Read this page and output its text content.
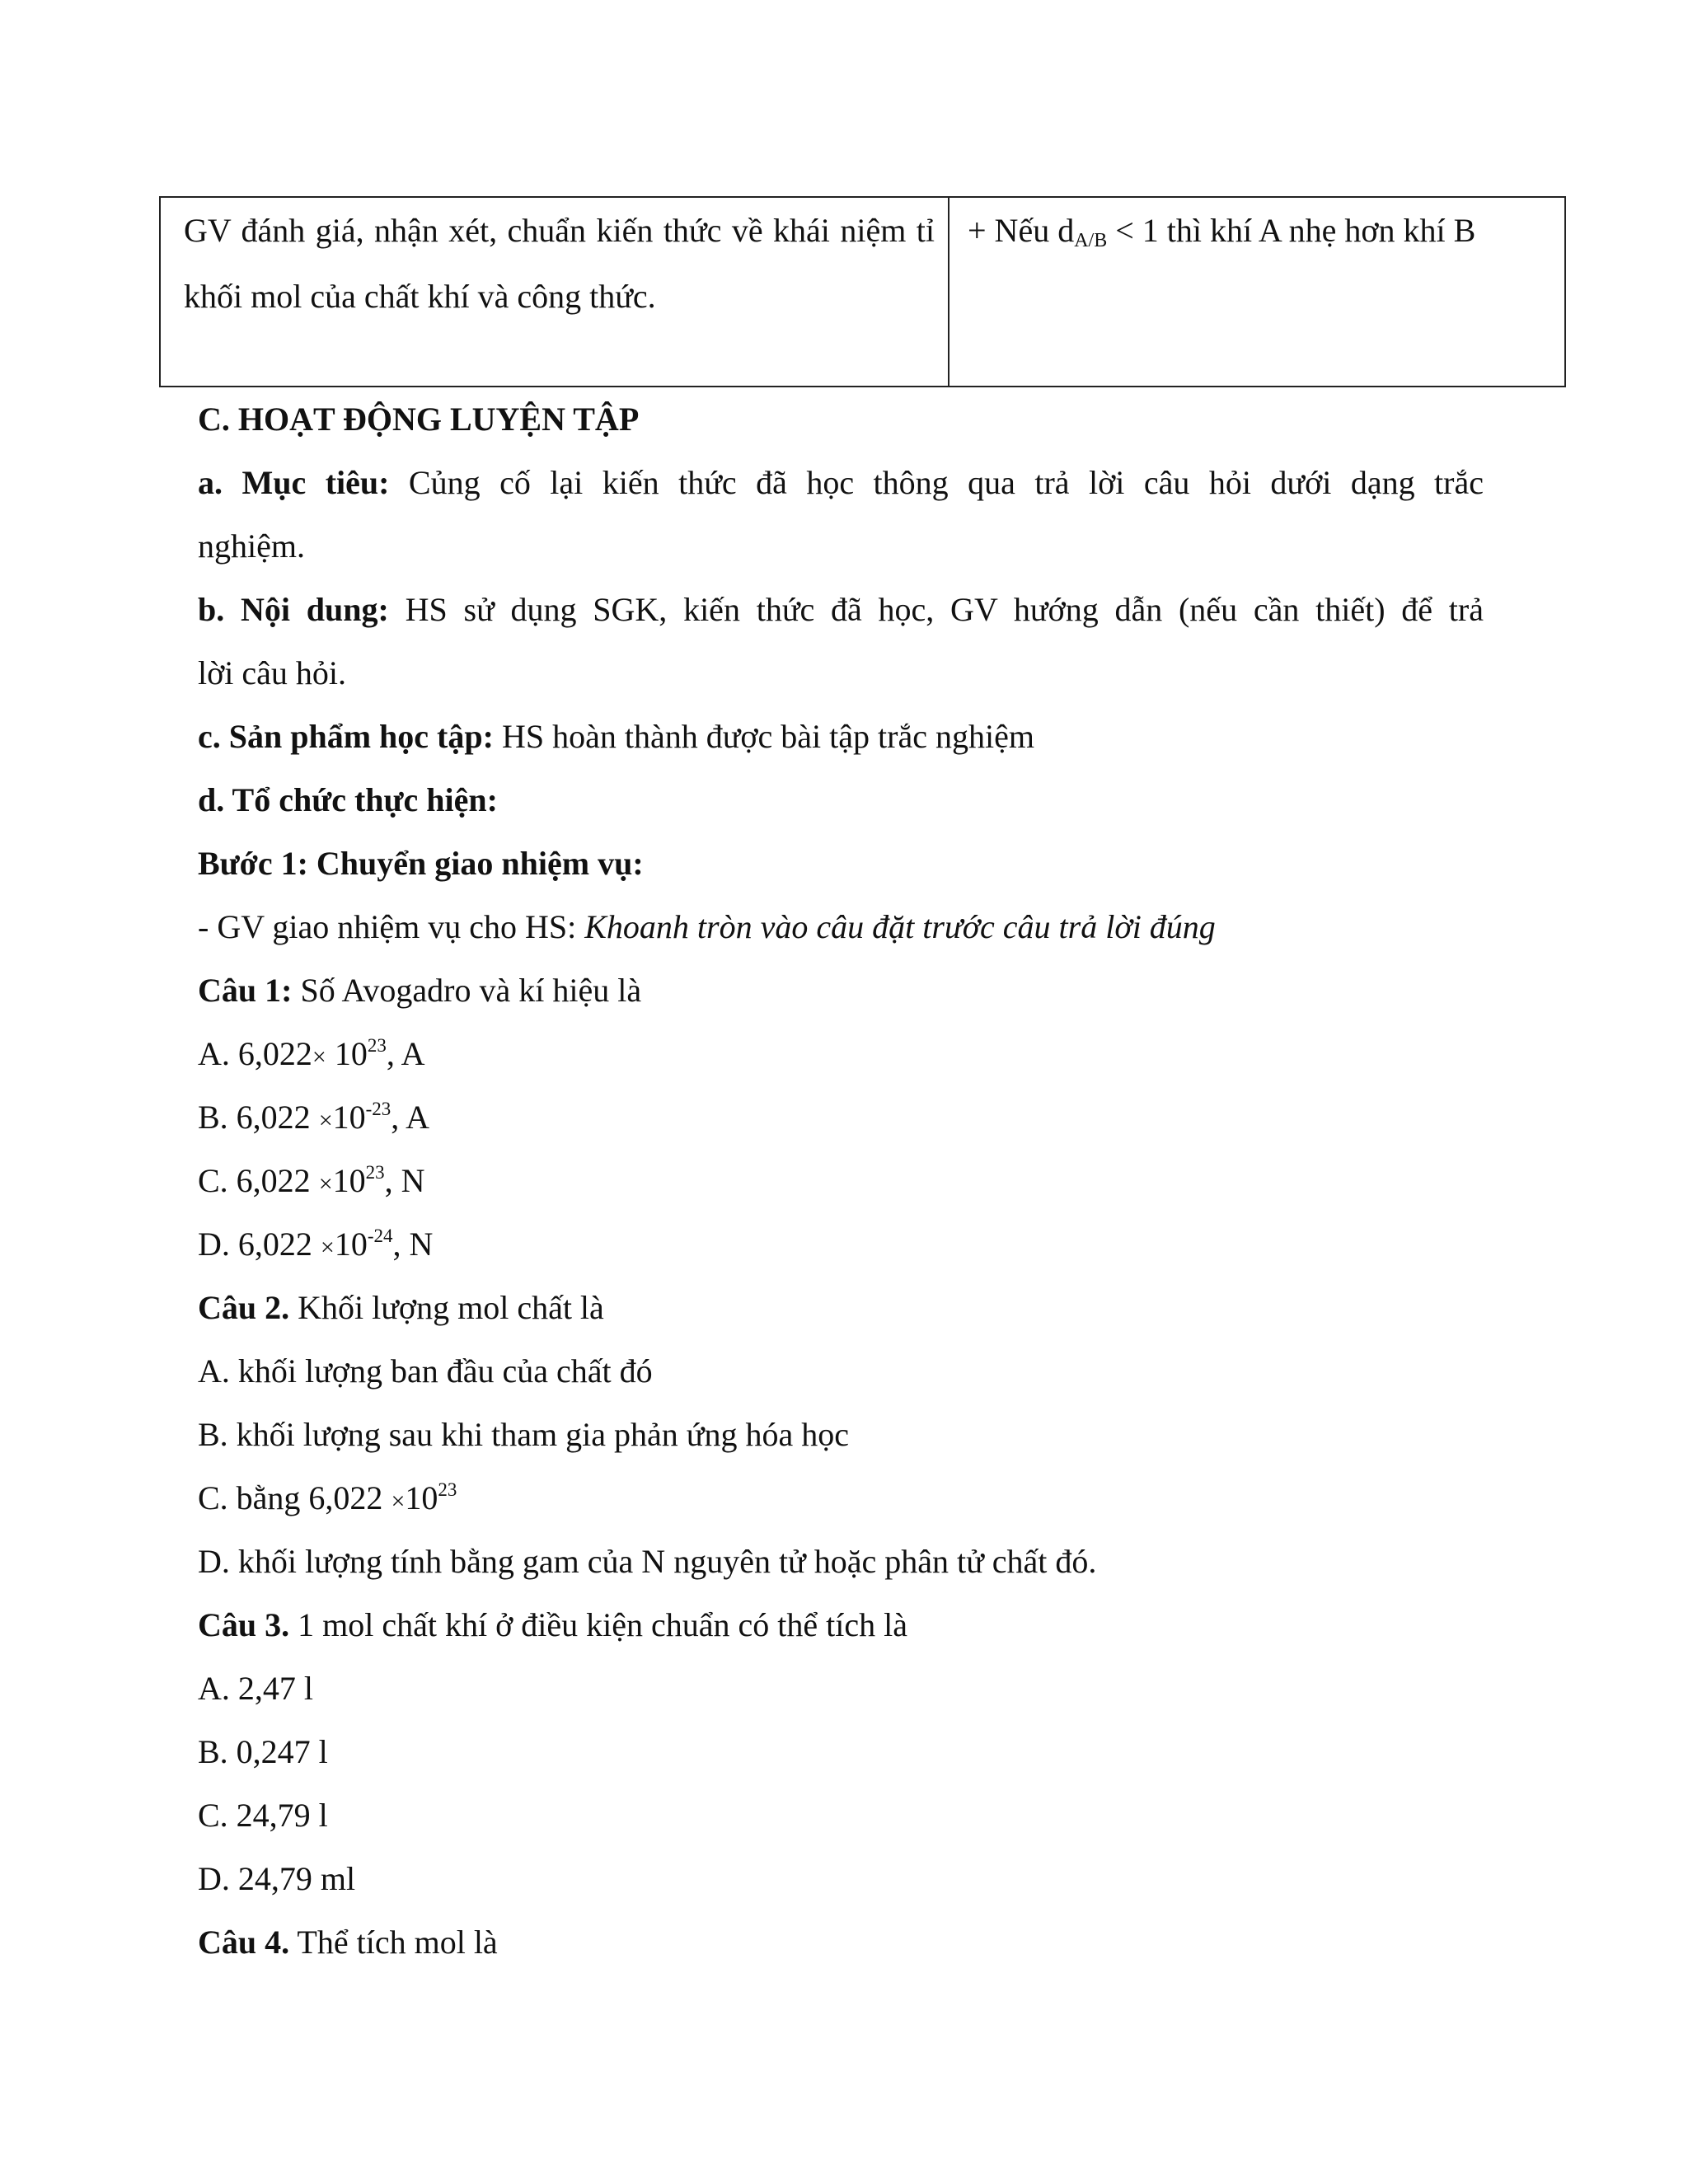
GV đánh giá, nhận xét, chuẩn kiến thức về khái niệm tỉ khối mol của chất khí và công thức.
+ Nếu $d_{A/B} < 1$ thì khí A nhẹ hơn khí B
C. HOẠT ĐỘNG LUYỆN TẬP
a. Mục tiêu: Củng cố lại kiến thức đã học thông qua trả lời câu hỏi dưới dạng trắc
nghiệm.
b. Nội dung: HS sử dụng SGK, kiến thức đã học, GV hướng dẫn (nếu cần thiết) để trả
lời câu hỏi.
c. Sản phẩm học tập: HS hoàn thành được bài tập trắc nghiệm
d. Tổ chức thực hiện:
Bước 1: Chuyển giao nhiệm vụ:
- GV giao nhiệm vụ cho HS: Khoanh tròn vào câu đặt trước câu trả lời đúng
Câu 1: Số Avogadro và kí hiệu là
A. $6,022\times 10^{23}$, A
B. $6,022 \times 10^{-23}$, A
C. $6,022 \times 10^{23}$, N
D. $6,022 \times 10^{-24}$, N
Câu 2. Khối lượng mol chất là
A. khối lượng ban đầu của chất đó
B. khối lượng sau khi tham gia phản ứng hóa học
C. bằng $6,022 \times 10^{23}$
D. khối lượng tính bằng gam của N nguyên tử hoặc phân tử chất đó.
Câu 3. 1 mol chất khí ở điều kiện chuẩn có thể tích là
A. 2,47 l
B. 0,247 l
C. 24,79 l
D. 24,79 ml
Câu 4. Thể tích mol là
